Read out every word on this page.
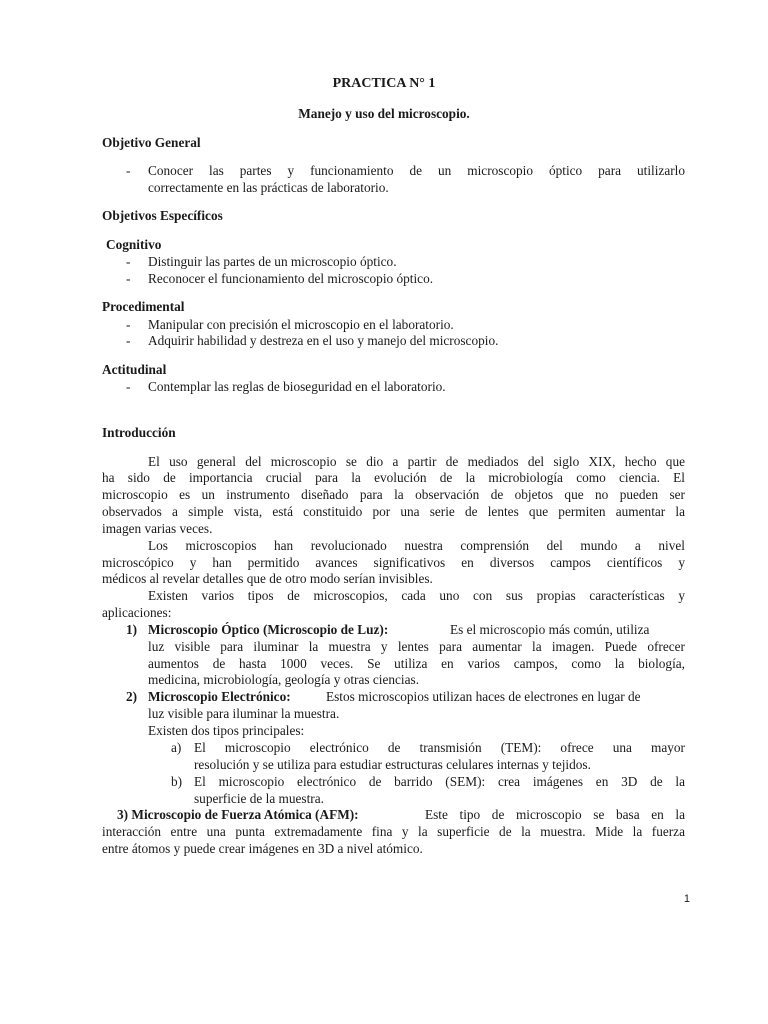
PRACTICA N° 1
Manejo y uso del microscopio.
Objetivo General
- Conocer las partes y funcionamiento de un microscopio óptico para utilizarlo
correctamente en las prácticas de laboratorio.
Objetivos Específicos
Cognitivo
- Distinguir las partes de un microscopio óptico.
- Reconocer el funcionamiento del microscopio óptico.
Procedimental
- Manipular con precisión el microscopio en el laboratorio.
- Adquirir habilidad y destreza en el uso y manejo del microscopio.
Actitudinal
- Contemplar las reglas de bioseguridad en el laboratorio.
Introducción
El uso general del microscopio se dio a partir de mediados del siglo XIX, hecho que
ha sido de importancia crucial para la evolución de la microbiología como ciencia. El
microscopio es un instrumento diseñado para la observación de objetos que no pueden ser
observados a simple vista, está constituido por una serie de lentes que permiten aumentar la
imagen varias veces.
Los microscopios han revolucionado nuestra comprensión del mundo a nivel
microscópico y han permitido avances significativos en diversos campos científicos y
médicos al revelar detalles que de otro modo serían invisibles.
Existen varios tipos de microscopios, cada uno con sus propias características y
aplicaciones:
1) Microscopio Óptico (Microscopio de Luz):	Es el microscopio más común, utiliza
luz visible para iluminar la muestra y lentes para aumentar la imagen. Puede ofrecer
aumentos de hasta 1000 veces. Se utiliza en varios campos, como la biología,
medicina, microbiología, geología y otras ciencias.
2) Microscopio Electrónico:	Estos microscopios utilizan haces de electrones en lugar de
luz visible para iluminar la muestra.
Existen dos tipos principales:
a) El microscopio electrónico de transmisión (TEM): ofrece una mayor
resolución y se utiliza para estudiar estructuras celulares internas y tejidos.
b) El microscopio electrónico de barrido (SEM): crea imágenes en 3D de la
superficie de la muestra.
3) Microscopio de Fuerza Atómica (AFM):	Este tipo de microscopio se basa en la
interacción entre una punta extremadamente fina y la superficie de la muestra. Mide la fuerza
entre átomos y puede crear imágenes en 3D a nivel atómico.
1
